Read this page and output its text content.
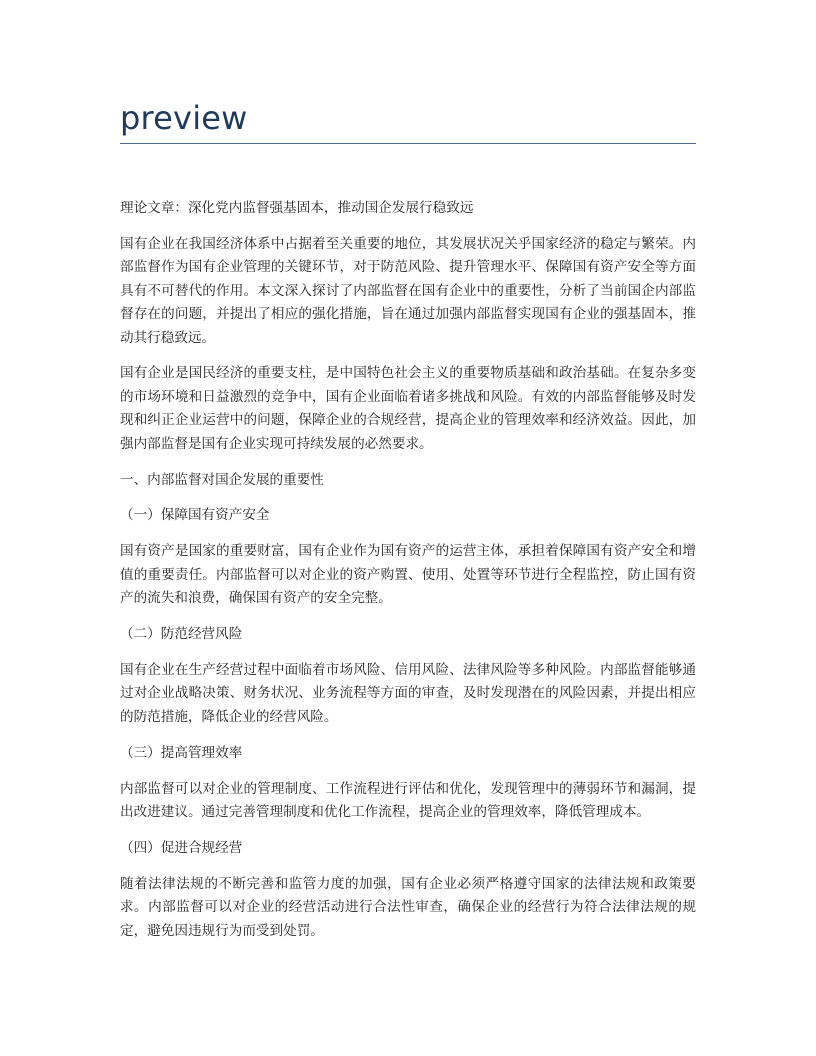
preview

理论文章：深化党内监督强基固本，推动国企发展行稳致远

国有企业在我国经济体系中占据着至关重要的地位，其发展状况关乎国家经济的稳定与繁荣。内部监督作为国有企业管理的关键环节，对于防范风险、提升管理水平、保障国有资产安全等方面具有不可替代的作用。本文深入探讨了内部监督在国有企业中的重要性，分析了当前国企内部监督存在的问题，并提出了相应的强化措施，旨在通过加强内部监督实现国有企业的强基固本，推动其行稳致远。

国有企业是国民经济的重要支柱，是中国特色社会主义的重要物质基础和政治基础。在复杂多变的市场环境和日益激烈的竞争中，国有企业面临着诸多挑战和风险。有效的内部监督能够及时发现和纠正企业运营中的问题，保障企业的合规经营，提高企业的管理效率和经济效益。因此，加强内部监督是国有企业实现可持续发展的必然要求。

一、内部监督对国企发展的重要性

（一）保障国有资产安全

国有资产是国家的重要财富，国有企业作为国有资产的运营主体，承担着保障国有资产安全和增值的重要责任。内部监督可以对企业的资产购置、使用、处置等环节进行全程监控，防止国有资产的流失和浪费，确保国有资产的安全完整。

（二）防范经营风险

国有企业在生产经营过程中面临着市场风险、信用风险、法律风险等多种风险。内部监督能够通过对企业战略决策、财务状况、业务流程等方面的审查，及时发现潜在的风险因素，并提出相应的防范措施，降低企业的经营风险。

（三）提高管理效率

内部监督可以对企业的管理制度、工作流程进行评估和优化，发现管理中的薄弱环节和漏洞，提出改进建议。通过完善管理制度和优化工作流程，提高企业的管理效率，降低管理成本。

（四）促进合规经营

随着法律法规的不断完善和监管力度的加强，国有企业必须严格遵守国家的法律法规和政策要求。内部监督可以对企业的经营活动进行合法性审查，确保企业的经营行为符合法律法规的规定，避免因违规行为而受到处罚。
